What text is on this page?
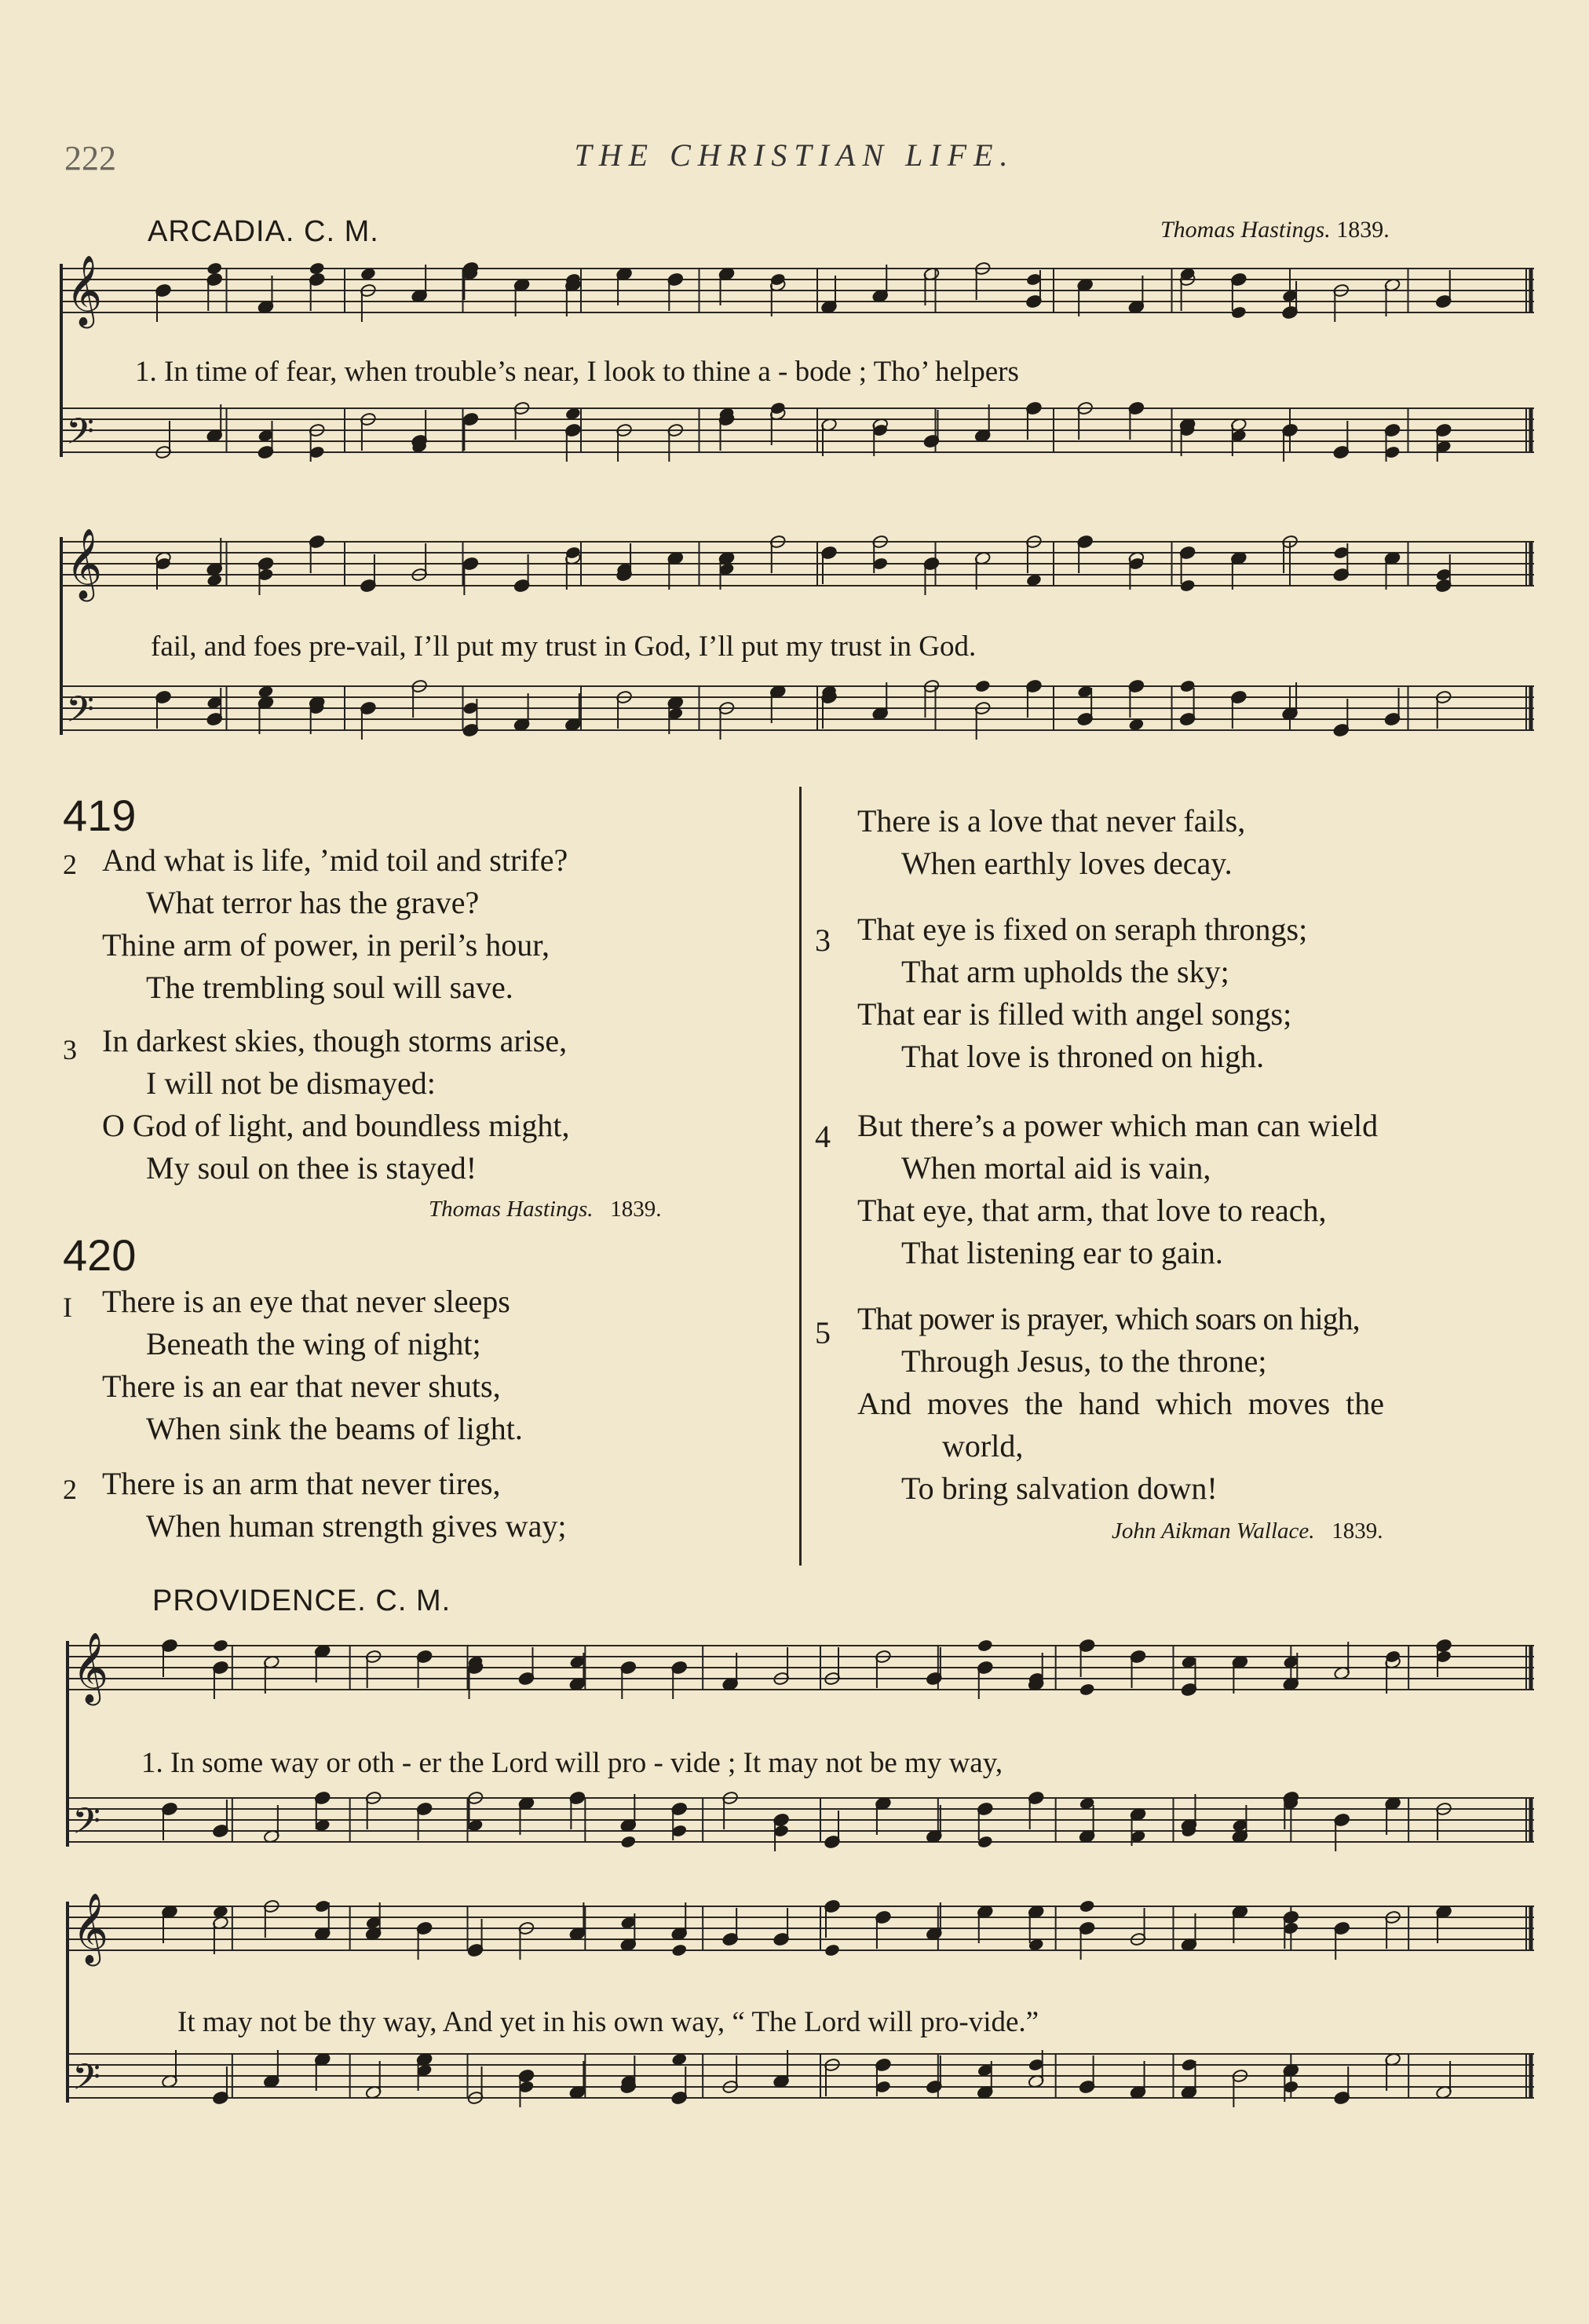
222	THE CHRISTIAN LIFE.
ARCADIA. C. M.	Thomas Hastings. 1839.
𝄞
𝄢
𝄞
𝄢
𝄞
𝄢
𝄞
𝄢
1. In time of fear, when trouble’s near, I look to thine a - bode ; Tho’ helpers
fail, and foes pre-vail, I’ll put my trust in God, I’ll put my trust in God.
419
2 And what is life, ’mid toil and strife?
What terror has the grave?
Thine arm of power, in peril’s hour,
The trembling soul will save.
3 In darkest skies, though storms arise,
I will not be dismayed:
O God of light, and boundless might,
My soul on thee is stayed!
Thomas Hastings. 1839.
420
I There is an eye that never sleeps
Beneath the wing of night;
There is an ear that never shuts,
When sink the beams of light.
2 There is an arm that never tires,
When human strength gives way;
There is a love that never fails,
When earthly loves decay.
3 That eye is fixed on seraph throngs;
That arm upholds the sky;
That ear is filled with angel songs;
That love is throned on high.
4 But there’s a power which man can wield
When mortal aid is vain,
That eye, that arm, that love to reach,
That listening ear to gain.
5 That power is prayer, which soars on high,
Through Jesus, to the throne;
And moves the hand which moves the
world,
To bring salvation down!
John Aikman Wallace. 1839.
PROVIDENCE. C. M.
1. In some way or oth - er the Lord will pro - vide ; It may not be my way,
It may not be thy way, And yet in his own way, “ The Lord will pro-vide.”
